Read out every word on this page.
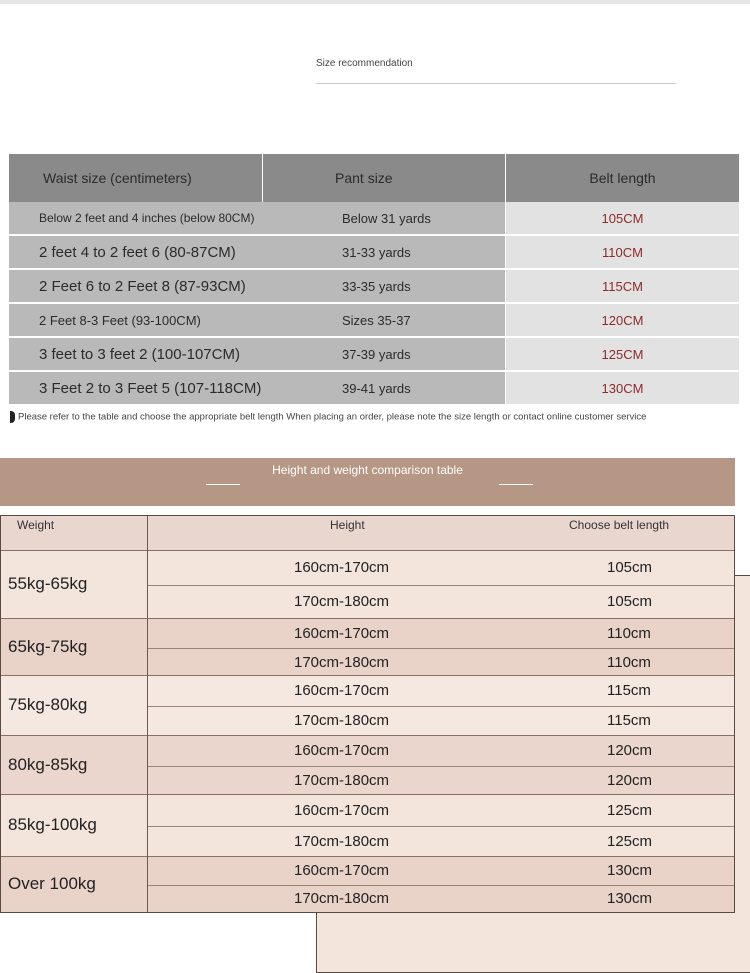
Size recommendation
Waist size (centimeters)	Pant size	Belt length
Below 2 feet and 4 inches (below 80CM)	Below 31 yards	105CM
2 feet 4 to 2 feet 6 (80-87CM)	31-33 yards	110CM
2 Feet 6 to 2 Feet 8 (87-93CM)	33-35 yards	115CM
2 Feet 8-3 Feet (93-100CM)	Sizes 35-37	120CM
3 feet to 3 feet 2 (100-107CM)	37-39 yards	125CM
3 Feet 2 to 3 Feet 5 (107-118CM)	39-41 yards	130CM
Please refer to the table and choose the appropriate belt length When placing an order, please note the size length or contact online customer service
Height and weight comparison table
Weight	Height	Choose belt length
55kg-65kg
160cm-170cm	105cm
170cm-180cm	105cm
65kg-75kg
160cm-170cm	110cm
170cm-180cm	110cm
75kg-80kg
160cm-170cm	115cm
170cm-180cm	115cm
80kg-85kg
160cm-170cm	120cm
170cm-180cm	120cm
85kg-100kg
160cm-170cm	125cm
170cm-180cm	125cm
Over 100kg
160cm-170cm	130cm
170cm-180cm	130cm
